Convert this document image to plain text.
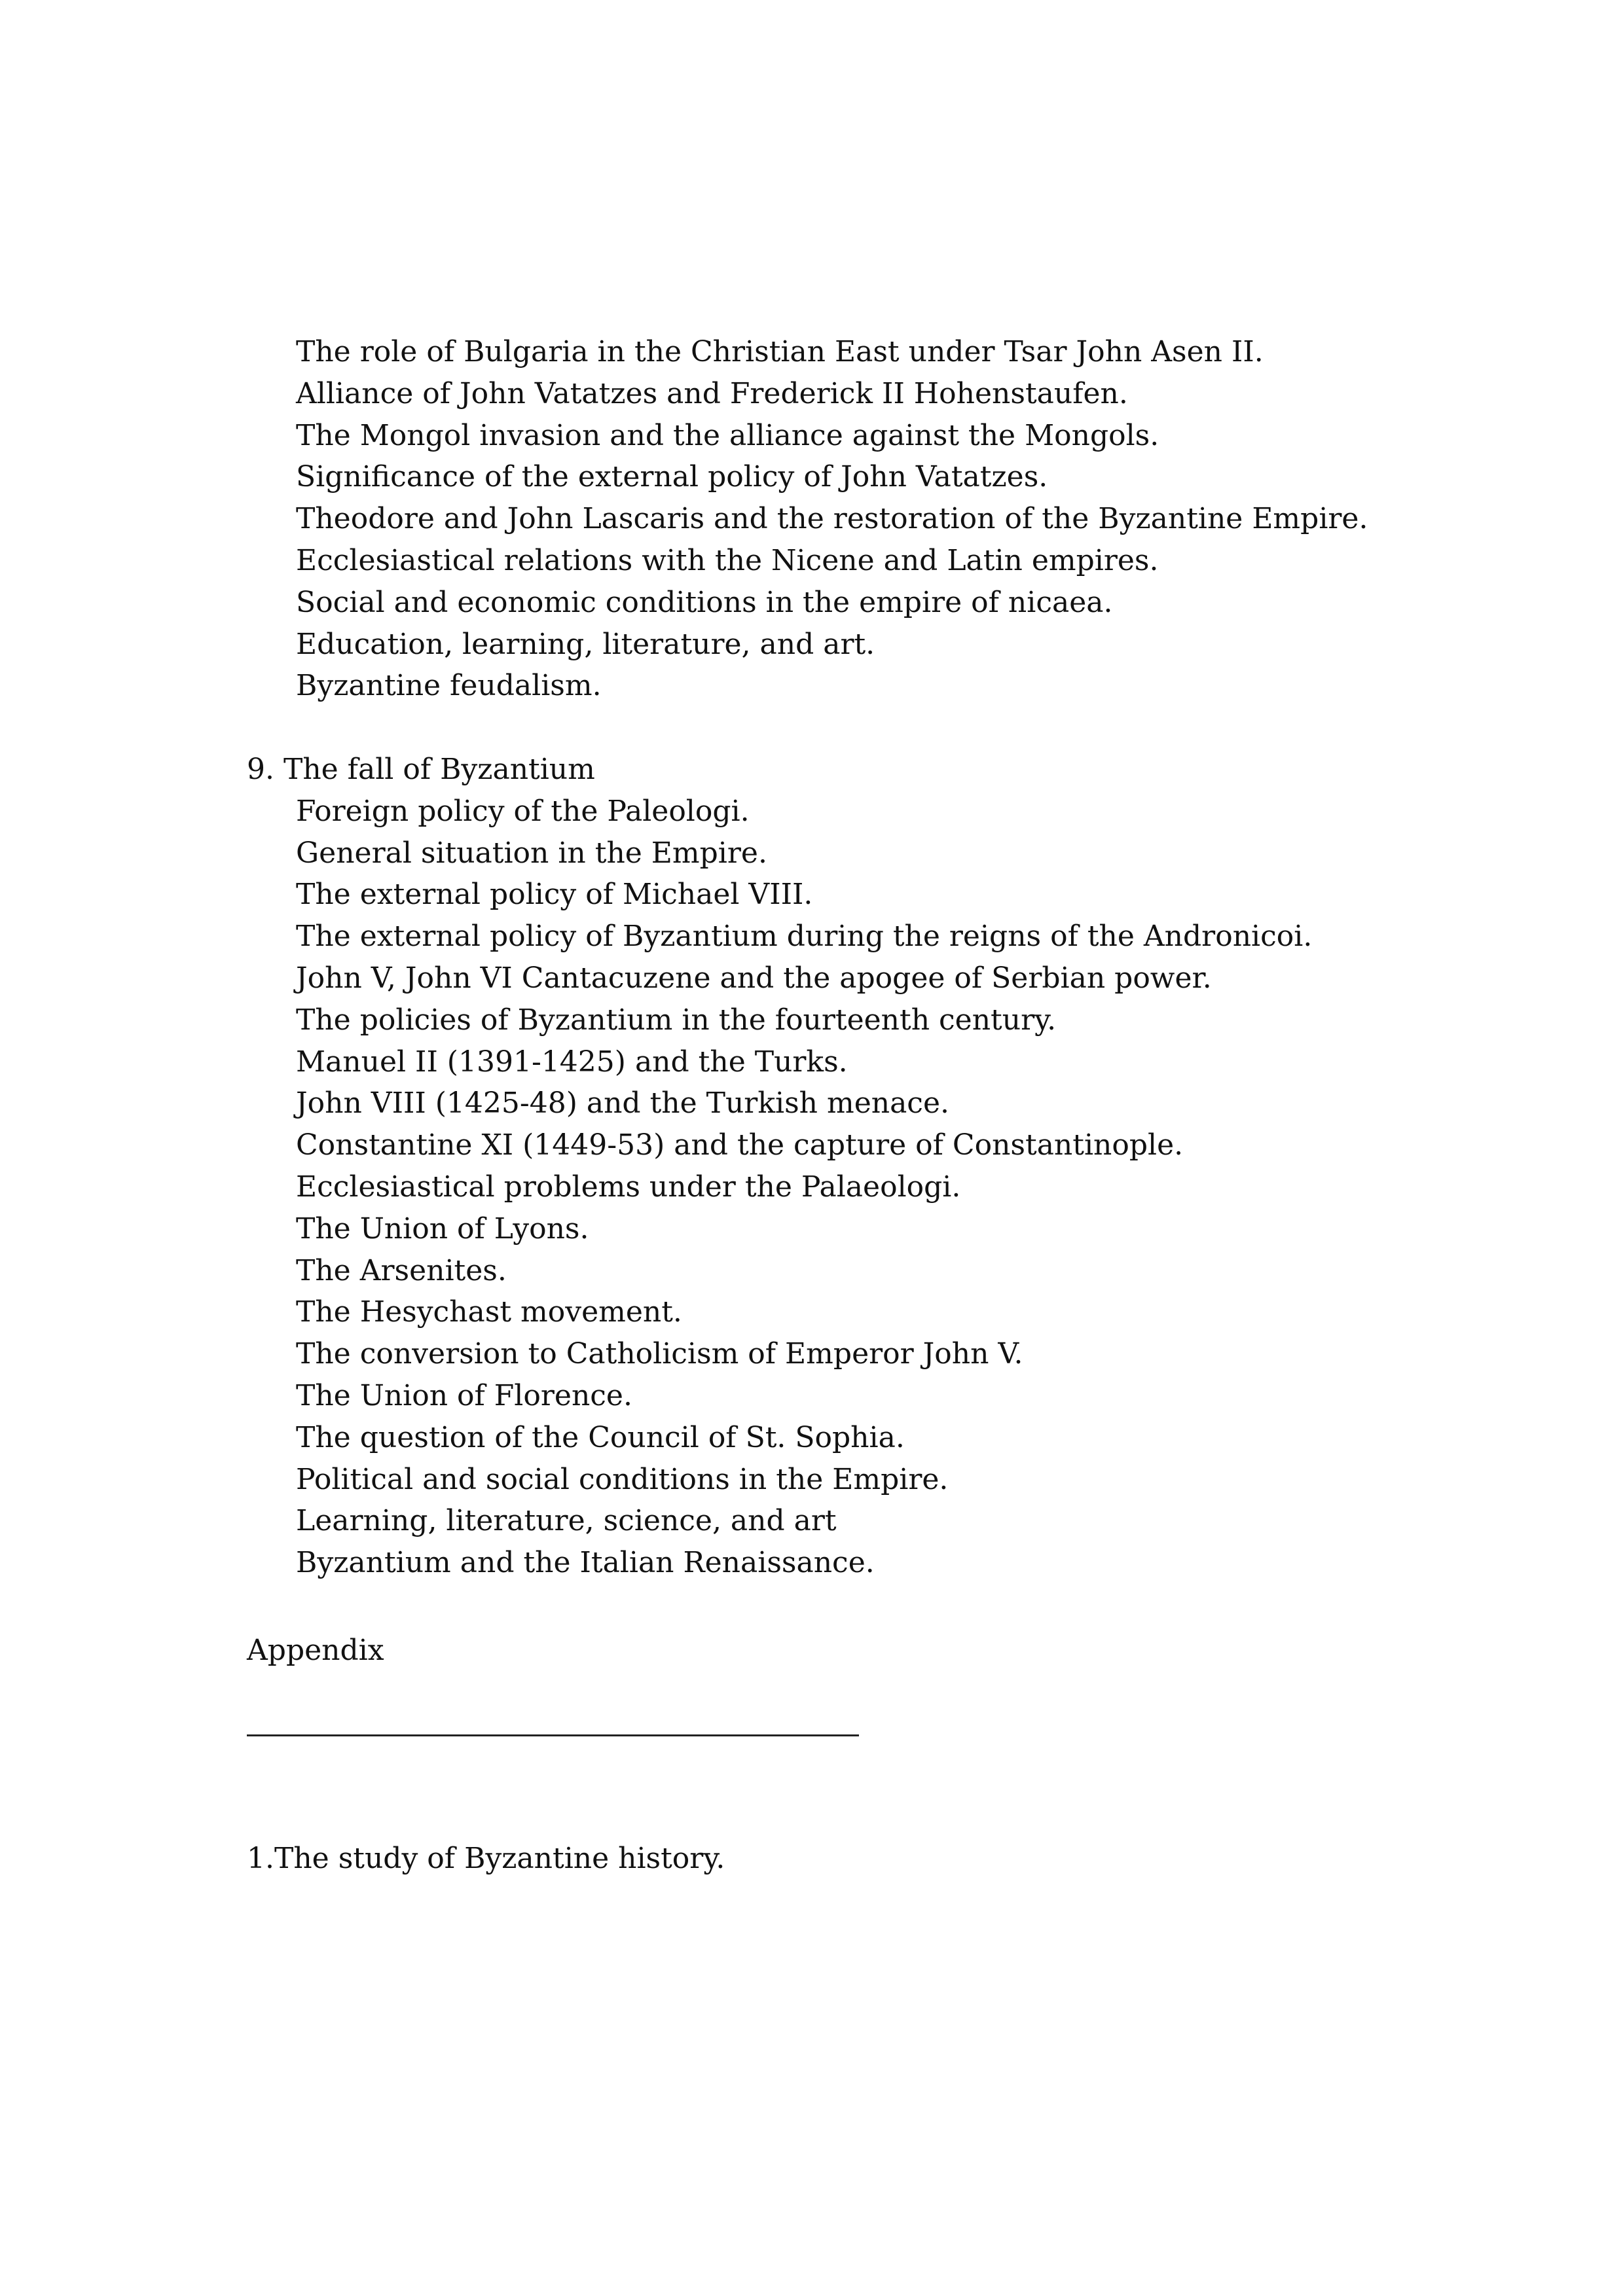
The role of Bulgaria in the Christian East under Tsar John Asen II.
Alliance of John Vatatzes and Frederick II Hohenstaufen.
The Mongol invasion and the alliance against the Mongols.
Significance of the external policy of John Vatatzes.
Theodore and John Lascaris and the restoration of the Byzantine Empire.
Ecclesiastical relations with the Nicene and Latin empires.
Social and economic conditions in the empire of nicaea.
Education, learning, literature, and art.
Byzantine feudalism.
9. The fall of Byzantium
Foreign policy of the Paleologi.
General situation in the Empire.
The external policy of Michael VIII.
The external policy of Byzantium during the reigns of the Andronicoi.
John V, John VI Cantacuzene and the apogee of Serbian power.
The policies of Byzantium in the fourteenth century.
Manuel II (1391-1425) and the Turks.
John VIII (1425-48) and the Turkish menace.
Constantine XI (1449-53) and the capture of Constantinople.
Ecclesiastical problems under the Palaeologi.
The Union of Lyons.
The Arsenites.
The Hesychast movement.
The conversion to Catholicism of Emperor John V.
The Union of Florence.
The question of the Council of St. Sophia.
Political and social conditions in the Empire.
Learning, literature, science, and art
Byzantium and the Italian Renaissance.
Appendix
1.The study of Byzantine history.
